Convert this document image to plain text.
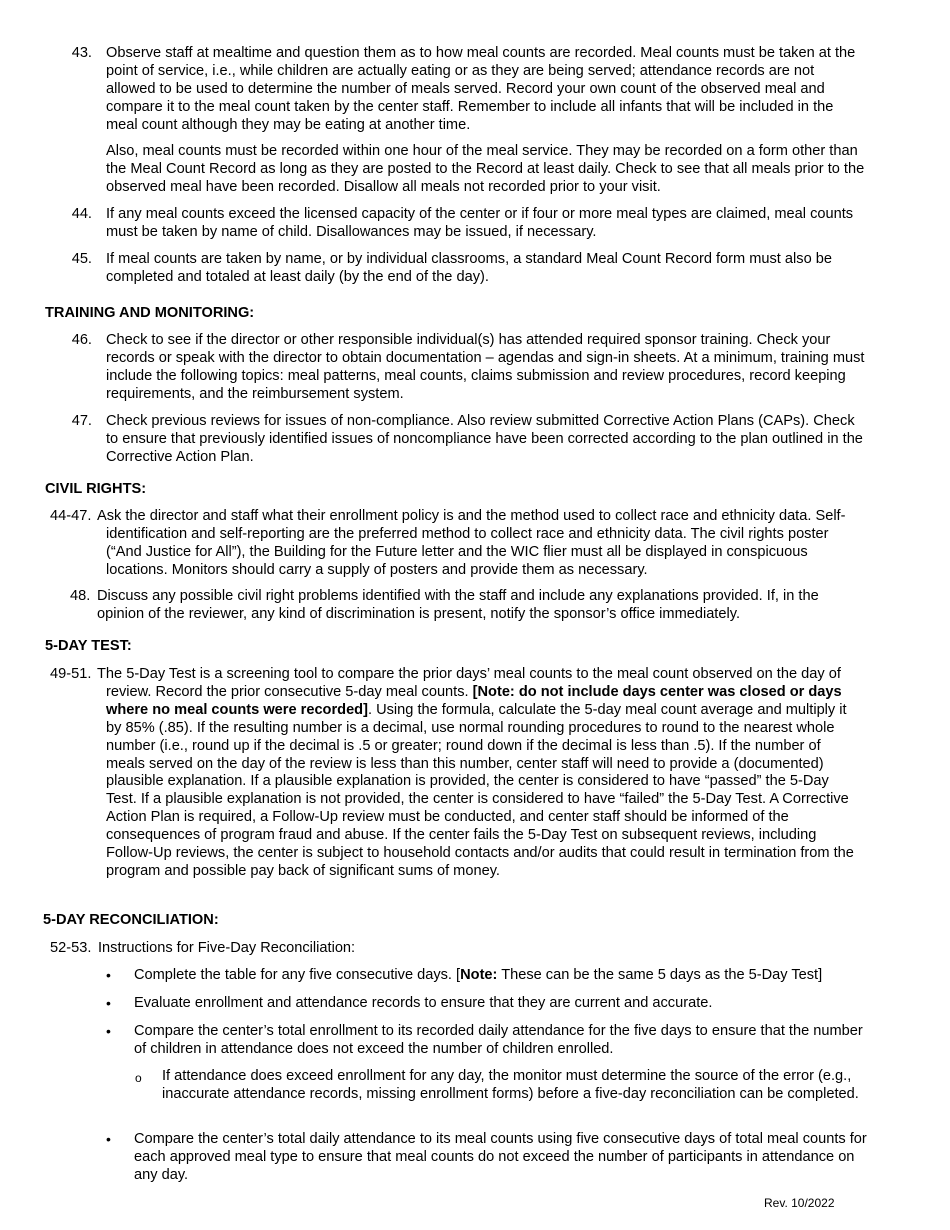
43. Observe staff at mealtime and question them as to how meal counts are recorded. Meal counts must be taken at the point of service, i.e., while children are actually eating or as they are being served; attendance records are not allowed to be used to determine the number of meals served. Record your own count of the observed meal and compare it to the meal count taken by the center staff. Remember to include all infants that will be included in the meal count although they may be eating at another time.
Also, meal counts must be recorded within one hour of the meal service. They may be recorded on a form other than the Meal Count Record as long as they are posted to the Record at least daily. Check to see that all meals prior to the observed meal have been recorded. Disallow all meals not recorded prior to your visit.
44. If any meal counts exceed the licensed capacity of the center or if four or more meal types are claimed, meal counts must be taken by name of child. Disallowances may be issued, if necessary.
45. If meal counts are taken by name, or by individual classrooms, a standard Meal Count Record form must also be completed and totaled at least daily (by the end of the day).
TRAINING AND MONITORING:
46. Check to see if the director or other responsible individual(s) has attended required sponsor training. Check your records or speak with the director to obtain documentation – agendas and sign-in sheets. At a minimum, training must include the following topics: meal patterns, meal counts, claims submission and review procedures, record keeping requirements, and the reimbursement system.
47. Check previous reviews for issues of non-compliance. Also review submitted Corrective Action Plans (CAPs). Check to ensure that previously identified issues of noncompliance have been corrected according to the plan outlined in the Corrective Action Plan.
CIVIL RIGHTS:
44-47. Ask the director and staff what their enrollment policy is and the method used to collect race and ethnicity data. Self-identification and self-reporting are the preferred method to collect race and ethnicity data. The civil rights poster (“And Justice for All”), the Building for the Future letter and the WIC flier must all be displayed in conspicuous locations. Monitors should carry a supply of posters and provide them as necessary.
48. Discuss any possible civil right problems identified with the staff and include any explanations provided. If, in the opinion of the reviewer, any kind of discrimination is present, notify the sponsor’s office immediately.
5-DAY TEST:
49-51. The 5-Day Test is a screening tool to compare the prior days’ meal counts to the meal count observed on the day of review. Record the prior consecutive 5-day meal counts. [Note: do not include days center was closed or days where no meal counts were recorded]. Using the formula, calculate the 5-day meal count average and multiply it by 85% (.85). If the resulting number is a decimal, use normal rounding procedures to round to the nearest whole number (i.e., round up if the decimal is .5 or greater; round down if the decimal is less than .5). If the number of meals served on the day of the review is less than this number, center staff will need to provide a (documented) plausible explanation. If a plausible explanation is provided, the center is considered to have “passed” the 5-Day Test. If a plausible explanation is not provided, the center is considered to have “failed” the 5-Day Test. A Corrective Action Plan is required, a Follow-Up review must be conducted, and center staff should be informed of the consequences of program fraud and abuse. If the center fails the 5-Day Test on subsequent reviews, including Follow-Up reviews, the center is subject to household contacts and/or audits that could result in termination from the program and possible pay back of significant sums of money.
5-DAY RECONCILIATION:
52-53. Instructions for Five-Day Reconciliation:
• Complete the table for any five consecutive days. [Note: These can be the same 5 days as the 5-Day Test]
• Evaluate enrollment and attendance records to ensure that they are current and accurate.
• Compare the center’s total enrollment to its recorded daily attendance for the five days to ensure that the number of children in attendance does not exceed the number of children enrolled.
o If attendance does exceed enrollment for any day, the monitor must determine the source of the error (e.g., inaccurate attendance records, missing enrollment forms) before a five-day reconciliation can be completed.
• Compare the center’s total daily attendance to its meal counts using five consecutive days of total meal counts for each approved meal type to ensure that meal counts do not exceed the number of participants in attendance on any day.
Rev. 10/2022
